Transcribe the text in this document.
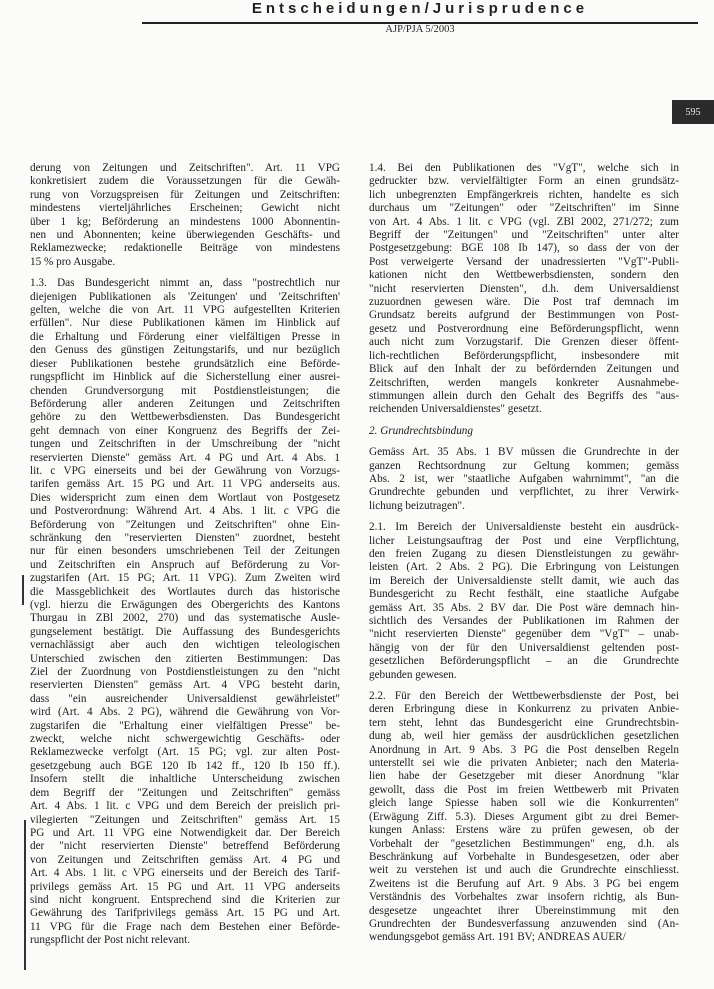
Entscheidungen/Jurisprudence
AJP/PJA 5/2003
595
derung von Zeitungen und Zeitschriften". Art. 11 VPG
konkretisiert zudem die Voraussetzungen für die Gewäh-
rung von Vorzugspreisen für Zeitungen und Zeitschriften:
mindestens vierteljährliches Erscheinen; Gewicht nicht
über 1 kg; Beförderung an mindestens 1000 Abonnentin-
nen und Abonnenten; keine überwiegenden Geschäfts- und
Reklamezwecke; redaktionelle Beiträge von mindestens
15 % pro Ausgabe.
1.3. Das Bundesgericht nimmt an, dass "postrechtlich nur
diejenigen Publikationen als 'Zeitungen' und 'Zeitschriften'
gelten, welche die von Art. 11 VPG aufgestellten Kriterien
erfüllen". Nur diese Publikationen kämen im Hinblick auf
die Erhaltung und Förderung einer vielfältigen Presse in
den Genuss des günstigen Zeitungstarifs, und nur bezüglich
dieser Publikationen bestehe grundsätzlich eine Beförde-
rungspflicht im Hinblick auf die Sicherstellung einer ausrei-
chenden Grundversorgung mit Postdienstleistungen; die
Beförderung aller anderen Zeitungen und Zeitschriften
gehöre zu den Wettbewerbsdiensten. Das Bundesgericht
geht demnach von einer Kongruenz des Begriffs der Zei-
tungen und Zeitschriften in der Umschreibung der "nicht
reservierten Dienste" gemäss Art. 4 PG und Art. 4 Abs. 1
lit. c VPG einerseits und bei der Gewährung von Vorzugs-
tarifen gemäss Art. 15 PG und Art. 11 VPG anderseits aus.
Dies widerspricht zum einen dem Wortlaut von Postgesetz
und Postverordnung: Während Art. 4 Abs. 1 lit. c VPG die
Beförderung von "Zeitungen und Zeitschriften" ohne Ein-
schränkung den "reservierten Diensten" zuordnet, besteht
nur für einen besonders umschriebenen Teil der Zeitungen
und Zeitschriften ein Anspruch auf Beförderung zu Vor-
zugstarifen (Art. 15 PG; Art. 11 VPG). Zum Zweiten wird
die Massgeblichkeit des Wortlautes durch das historische
(vgl. hierzu die Erwägungen des Obergerichts des Kantons
Thurgau in ZBl 2002, 270) und das systematische Ausle-
gungselement bestätigt. Die Auffassung des Bundesgerichts
vernachlässigt aber auch den wichtigen teleologischen
Unterschied zwischen den zitierten Bestimmungen: Das
Ziel der Zuordnung von Postdienstleistungen zu den "nicht
reservierten Diensten" gemäss Art. 4 VPG besteht darin,
dass "ein ausreichender Universaldienst gewährleistet"
wird (Art. 4 Abs. 2 PG), während die Gewährung von Vor-
zugstarifen die "Erhaltung einer vielfältigen Presse" be-
zweckt, welche nicht schwergewichtig Geschäfts- oder
Reklamezwecke verfolgt (Art. 15 PG; vgl. zur alten Post-
gesetzgebung auch BGE 120 Ib 142 ff., 120 Ib 150 ff.).
Insofern stellt die inhaltliche Unterscheidung zwischen
dem Begriff der "Zeitungen und Zeitschriften" gemäss
Art. 4 Abs. 1 lit. c VPG und dem Bereich der preislich pri-
vilegierten "Zeitungen und Zeitschriften" gemäss Art. 15
PG und Art. 11 VPG eine Notwendigkeit dar. Der Bereich
der "nicht reservierten Dienste" betreffend Beförderung
von Zeitungen und Zeitschriften gemäss Art. 4 PG und
Art. 4 Abs. 1 lit. c VPG einerseits und der Bereich des Tarif-
privilegs gemäss Art. 15 PG und Art. 11 VPG anderseits
sind nicht kongruent. Entsprechend sind die Kriterien zur
Gewährung des Tarifprivilegs gemäss Art. 15 PG und Art.
11 VPG für die Frage nach dem Bestehen einer Beförde-
rungspflicht der Post nicht relevant.
1.4. Bei den Publikationen des "VgT", welche sich in
gedruckter bzw. vervielfältigter Form an einen grundsätz-
lich unbegrenzten Empfängerkreis richten, handelte es sich
durchaus um "Zeitungen" oder "Zeitschriften" im Sinne
von Art. 4 Abs. 1 lit. c VPG (vgl. ZBl 2002, 271/272; zum
Begriff der "Zeitungen" und "Zeitschriften" unter alter
Postgesetzgebung: BGE 108 Ib 147), so dass der von der
Post verweigerte Versand der unadressierten "VgT"-Publi-
kationen nicht den Wettbewerbsdiensten, sondern den
"nicht reservierten Diensten", d.h. dem Universaldienst
zuzuordnen gewesen wäre. Die Post traf demnach im
Grundsatz bereits aufgrund der Bestimmungen von Post-
gesetz und Postverordnung eine Beförderungspflicht, wenn
auch nicht zum Vorzugstarif. Die Grenzen dieser öffent-
lich-rechtlichen Beförderungspflicht, insbesondere mit
Blick auf den Inhalt der zu befördernden Zeitungen und
Zeitschriften, werden mangels konkreter Ausnahmebe-
stimmungen allein durch den Gehalt des Begriffs des "aus-
reichenden Universaldienstes" gesetzt.
2. Grundrechtsbindung
Gemäss Art. 35 Abs. 1 BV müssen die Grundrechte in der
ganzen Rechtsordnung zur Geltung kommen; gemäss
Abs. 2 ist, wer "staatliche Aufgaben wahrnimmt", "an die
Grundrechte gebunden und verpflichtet, zu ihrer Verwirk-
lichung beizutragen".
2.1. Im Bereich der Universaldienste besteht ein ausdrück-
licher Leistungsauftrag der Post und eine Verpflichtung,
den freien Zugang zu diesen Dienstleistungen zu gewähr-
leisten (Art. 2 Abs. 2 PG). Die Erbringung von Leistungen
im Bereich der Universaldienste stellt damit, wie auch das
Bundesgericht zu Recht festhält, eine staatliche Aufgabe
gemäss Art. 35 Abs. 2 BV dar. Die Post wäre demnach hin-
sichtlich des Versandes der Publikationen im Rahmen der
"nicht reservierten Dienste" gegenüber dem "VgT" – unab-
hängig von der für den Universaldienst geltenden post-
gesetzlichen Beförderungspflicht – an die Grundrechte
gebunden gewesen.
2.2. Für den Bereich der Wettbewerbsdienste der Post, bei
deren Erbringung diese in Konkurrenz zu privaten Anbie-
tern steht, lehnt das Bundesgericht eine Grundrechtsbin-
dung ab, weil hier gemäss der ausdrücklichen gesetzlichen
Anordnung in Art. 9 Abs. 3 PG die Post denselben Regeln
unterstellt sei wie die privaten Anbieter; nach den Materia-
lien habe der Gesetzgeber mit dieser Anordnung "klar
gewollt, dass die Post im freien Wettbewerb mit Privaten
gleich lange Spiesse haben soll wie die Konkurrenten"
(Erwägung Ziff. 5.3). Dieses Argument gibt zu drei Bemer-
kungen Anlass: Erstens wäre zu prüfen gewesen, ob der
Vorbehalt der "gesetzlichen Bestimmungen" eng, d.h. als
Beschränkung auf Vorbehalte in Bundesgesetzen, oder aber
weit zu verstehen ist und auch die Grundrechte einschliesst.
Zweitens ist die Berufung auf Art. 9 Abs. 3 PG bei engem
Verständnis des Vorbehaltes zwar insofern richtig, als Bun-
desgesetze ungeachtet ihrer Übereinstimmung mit den
Grundrechten der Bundesverfassung anzuwenden sind (An-
wendungsgebot gemäss Art. 191 BV; ANDREAS AUER/
